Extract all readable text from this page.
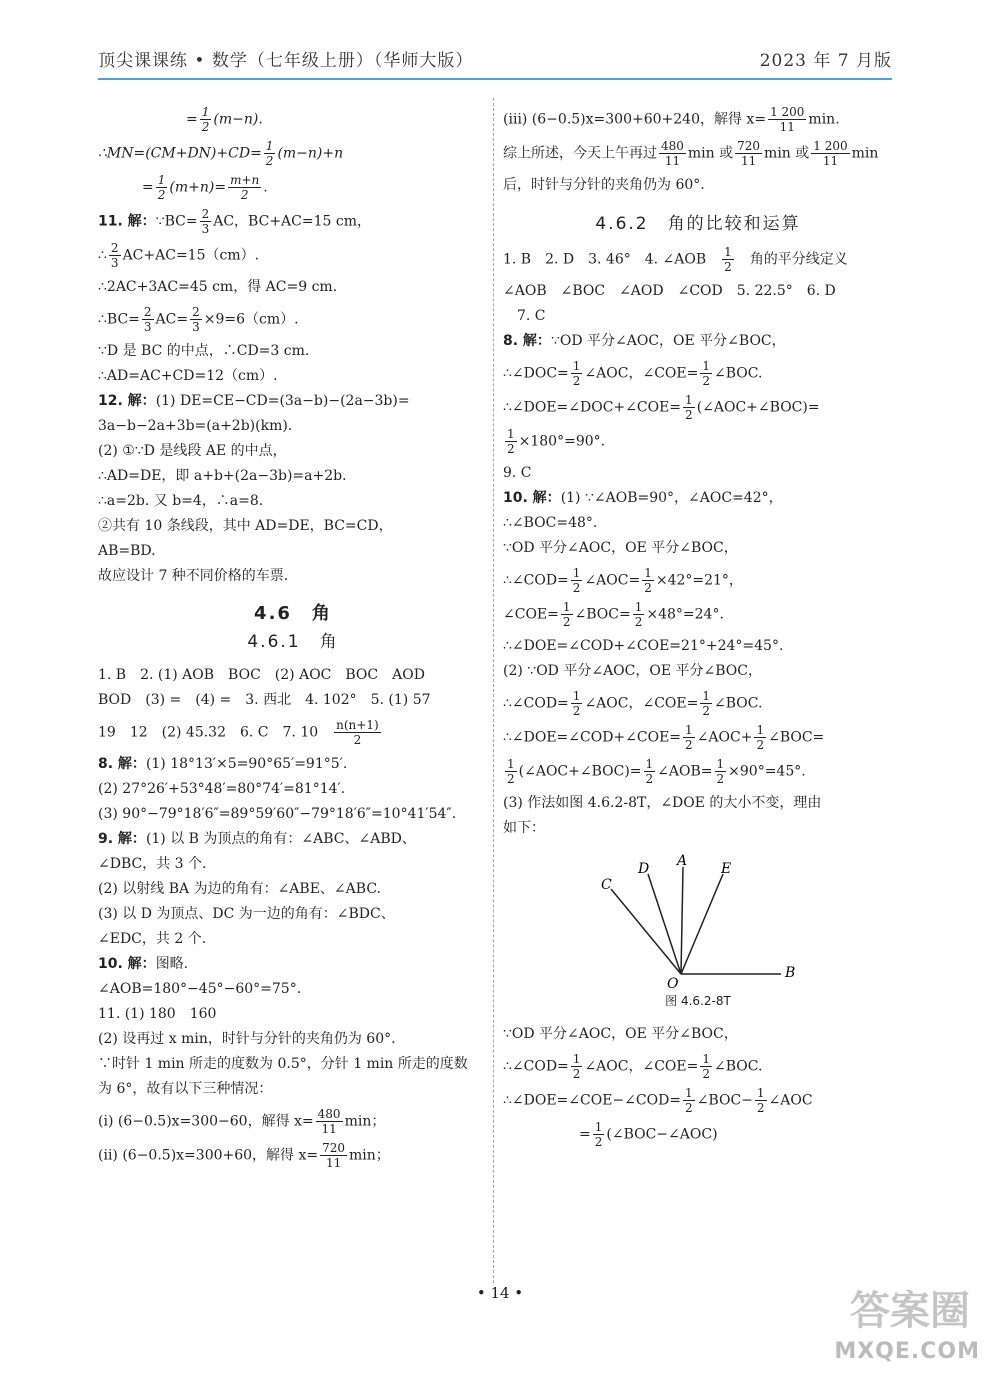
顶尖课课练 • 数学（七年级上册）（华师大版）	2023 年 7 月版
= $\frac{1}{2} (m-n)$.
∴MN=(CM+DN)+CD= $\frac{1}{2} (m-n)+n$
= $\frac{1}{2} (m+n)= \frac{m+n}{2}$ .
11. 解：∵BC= $\frac{2}{3}$ AC，BC+AC=15 cm，
∴ $\frac{2}{3} AC+AC=15(cm)$.
∴2AC+3AC=45 cm，得 AC=9 cm.
∴BC= $\frac{2}{3} AC= \frac{2}{3} \times 9=6(cm)$.
∵D 是 BC 的中点，∴CD=3 cm.
∴AD=AC+CD=12（cm）.
12. 解：(1) DE=CE−CD=(3a−b)−(2a−3b)=
3a−b−2a+3b=(a+2b)(km).
(2) ①∵D 是线段 AE 的中点，
∴AD=DE，即 a+b+(2a−3b)=a+2b.
∴a=2b. 又 b=4，∴a=8.
②共有 10 条线段，其中 AD=DE，BC=CD，
AB=BD.
故应设计 7 种不同价格的车票.
4.6　角
4.6.1　角
1. B　2. (1) AOB　BOC　(2) AOC　BOC　AOD
BOD　(3) =　(4) =　3. 西北　4. 102°　5. (1) 57
19　12　(2) 45.32　6. C　7. 10　 $\frac{n(n+1)}{2}$
8. 解：(1) 18°13′×5=90°65′=91°5′.
(2) 27°26′+53°48′=80°74′=81°14′.
(3) 90°−79°18′6″=89°59′60″−79°18′6″=10°41′54″.
9. 解：(1) 以 B 为顶点的角有：∠ABC、∠ABD、
∠DBC，共 3 个.
(2) 以射线 BA 为边的角有：∠ABE、∠ABC.
(3) 以 D 为顶点、DC 为一边的角有：∠BDC、
∠EDC，共 2 个.
10. 解：图略.
∠AOB=180°−45°−60°=75°.
11. (1) 180　160
(2) 设再过 x min，时针与分针的夹角仍为 60°.
∵时针 1 min 所走的度数为 0.5°，分针 1 min 所走的度数
为 6°，故有以下三种情况：
(ⅰ) (6−0.5)x=300−60，解得 $x= \frac{480}{11}$ min；
(ⅱ) (6−0.5)x=300+60，解得 $x= \frac{720}{11}$ min；
(ⅲ) (6−0.5)x=300+60+240，解得 $x= \frac{1 200}{11} \min$.
综上所述，今天上午再过 $\frac{480}{11}$ min 或 $\frac{720}{11}$ min 或 $\frac{1 200}{11}$ min
后，时针与分针的夹角仍为 60°.
4.6.2　角的比较和运算
1. B　2. D　3. 46°　4. ∠AOB　 $\frac{1}{2}$
　 角的平分线定义
∠AOB　∠BOC　∠AOD　∠COD　5. 22.5°　6. D
7. C
8. 解：∵OD 平分∠AOC，OE 平分∠BOC，
∴∠DOC= $\frac{1}{2}$ ∠AOC，∠COE= $\frac{1}{2}$ ∠BOC.
∴∠DOE=∠DOC+∠COE= $\frac{1}{2}$ (∠AOC+∠BOC)=
$\frac{1}{2} \times 180^\circ=90^\circ$.
9. C
10. 解：(1) ∵∠AOB=90°，∠AOC=42°，
∴∠BOC=48°.
∵OD 平分∠AOC，OE 平分∠BOC，
∴∠COD= $\frac{1}{2}$ ∠AOC= $\frac{1}{2} \times 42^\circ=21^\circ$，
∠COE= $\frac{1}{2}$ ∠BOC= $\frac{1}{2} \times 48^\circ=24^\circ$.
∴∠DOE=∠COD+∠COE=21°+24°=45°.
(2) ∵OD 平分∠AOC，OE 平分∠BOC，
∴∠COD= $\frac{1}{2}$ ∠AOC，∠COE= $\frac{1}{2}$ ∠BOC.
∴∠DOE=∠COD+∠COE= $\frac{1}{2}$ ∠AOC+ $\frac{1}{2}$ ∠BOC=
$\frac{1}{2}$ (∠AOC+∠BOC)= $\frac{1}{2}$ ∠AOB= $\frac{1}{2} \times 90^\circ=45^\circ$.
(3) 作法如图 4.6.2-8T，∠DOE 的大小不变，理由
如下：
C
D A E
B
O
图 4.6.2-8T
∵OD 平分∠AOC，OE 平分∠BOC，
∴∠COD= $\frac{1}{2}$ ∠AOC，∠COE= $\frac{1}{2}$ ∠BOC.
∴∠DOE=∠COE−∠COD= $\frac{1}{2}$ ∠BOC− $\frac{1}{2}$ ∠AOC
= $\frac{1}{2}$ (∠BOC−∠AOC)
• 14 •	答案圈
MXQE.COM
